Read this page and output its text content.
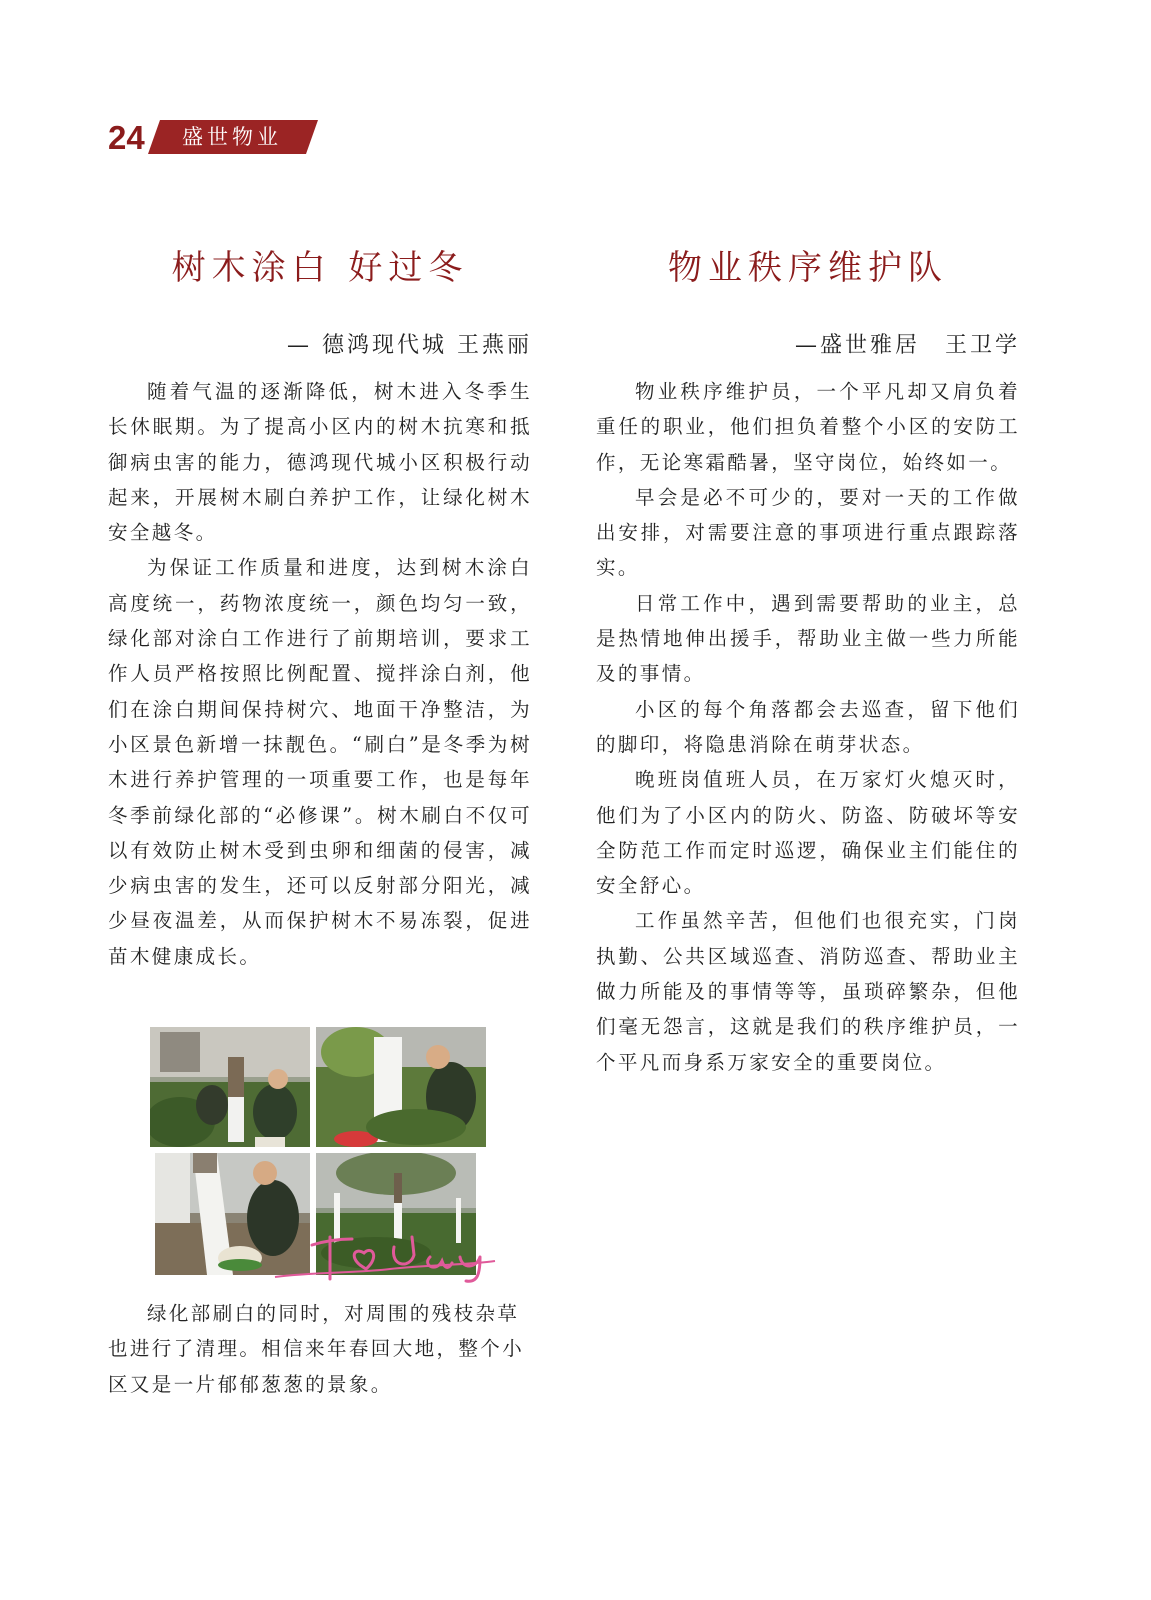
24 盛世物业
树木涂白 好过冬
— 德鸿现代城 王燕丽

随着气温的逐渐降低，树木进入冬季生长休眠期。为了提高小区内的树木抗寒和抵御病虫害的能力，德鸿现代城小区积极行动起来，开展树木刷白养护工作，让绿化树木安全越冬。

为保证工作质量和进度，达到树木涂白高度统一，药物浓度统一，颜色均匀一致，绿化部对涂白工作进行了前期培训，要求工作人员严格按照比例配置、搅拌涂白剂，他们在涂白期间保持树穴、地面干净整洁，为小区景色新增一抹靓色。“刷白”是冬季为树木进行养护管理的一项重要工作，也是每年冬季前绿化部的“必修课”。树木刷白不仅可以有效防止树木受到虫卵和细菌的侵害，减少病虫害的发生，还可以反射部分阳光，减少昼夜温差，从而保护树木不易冻裂，促进苗木健康成长。

绿化部刷白的同时，对周围的残枝杂草也进行了清理。相信来年春回大地，整个小区又是一片郁郁葱葱的景象。

物业秩序维护队
—盛世雅居　王卫学

物业秩序维护员，一个平凡却又肩负着重任的职业，他们担负着整个小区的安防工作，无论寒霜酷暑，坚守岗位，始终如一。

早会是必不可少的，要对一天的工作做出安排，对需要注意的事项进行重点跟踪落实。

日常工作中，遇到需要帮助的业主，总是热情地伸出援手，帮助业主做一些力所能及的事情。

小区的每个角落都会去巡查，留下他们的脚印，将隐患消除在萌芽状态。

晚班岗值班人员，在万家灯火熄灭时，他们为了小区内的防火、防盗、防破坏等安全防范工作而定时巡逻，确保业主们能住的安全舒心。

工作虽然辛苦，但他们也很充实，门岗执勤、公共区域巡查、消防巡查、帮助业主做力所能及的事情等等，虽琐碎繁杂，但他们毫无怨言，这就是我们的秩序维护员，一个平凡而身系万家安全的重要岗位。
